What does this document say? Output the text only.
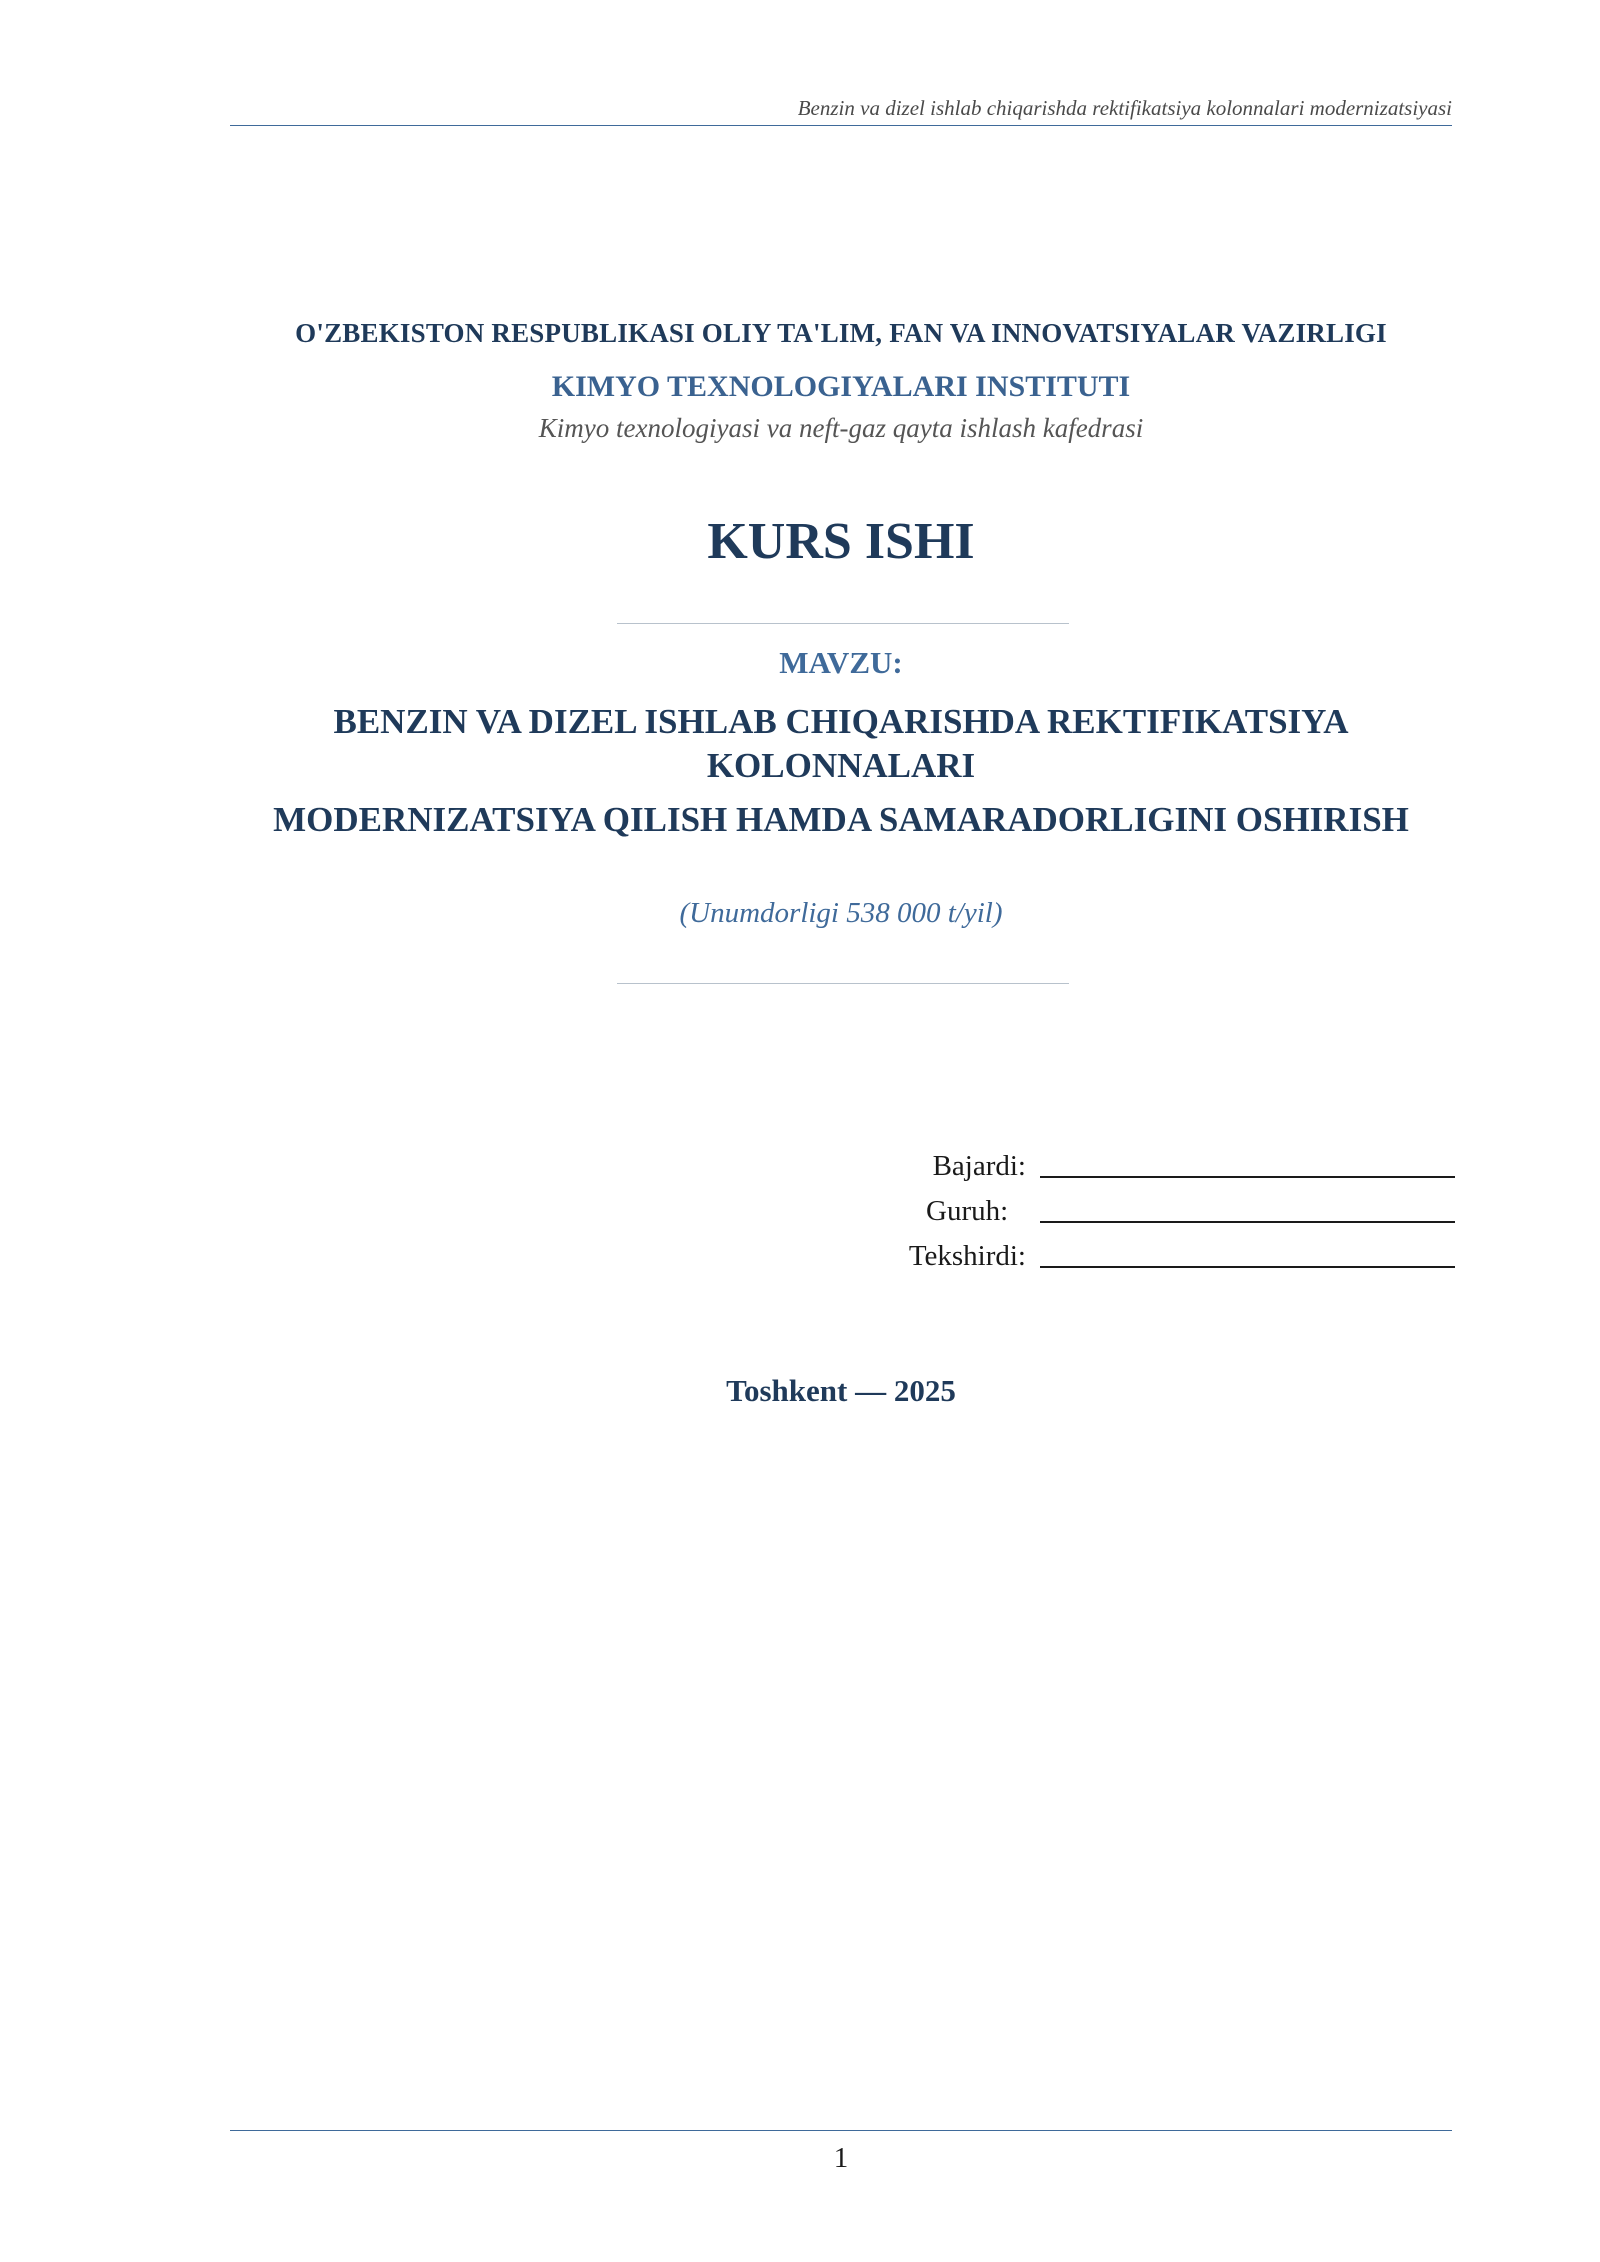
Benzin va dizel ishlab chiqarishda rektifikatsiya kolonnalari modernizatsiyasi
O'ZBEKISTON RESPUBLIKASI OLIY TA'LIM, FAN VA INNOVATSIYALAR VAZIRLIGI
KIMYO TEXNOLOGIYALARI INSTITUTI
Kimyo texnologiyasi va neft-gaz qayta ishlash kafedrasi
KURS ISHI
MAVZU:
BENZIN VA DIZEL ISHLAB CHIQARISHDA REKTIFIKATSIYA KOLONNALARI
MODERNIZATSIYA QILISH HAMDA SAMARADORLIGINI OSHIRISH
(Unumdorligi 538 000 t/yil)
Bajardi:
Guruh:
Tekshirdi:
Toshkent — 2025
1
